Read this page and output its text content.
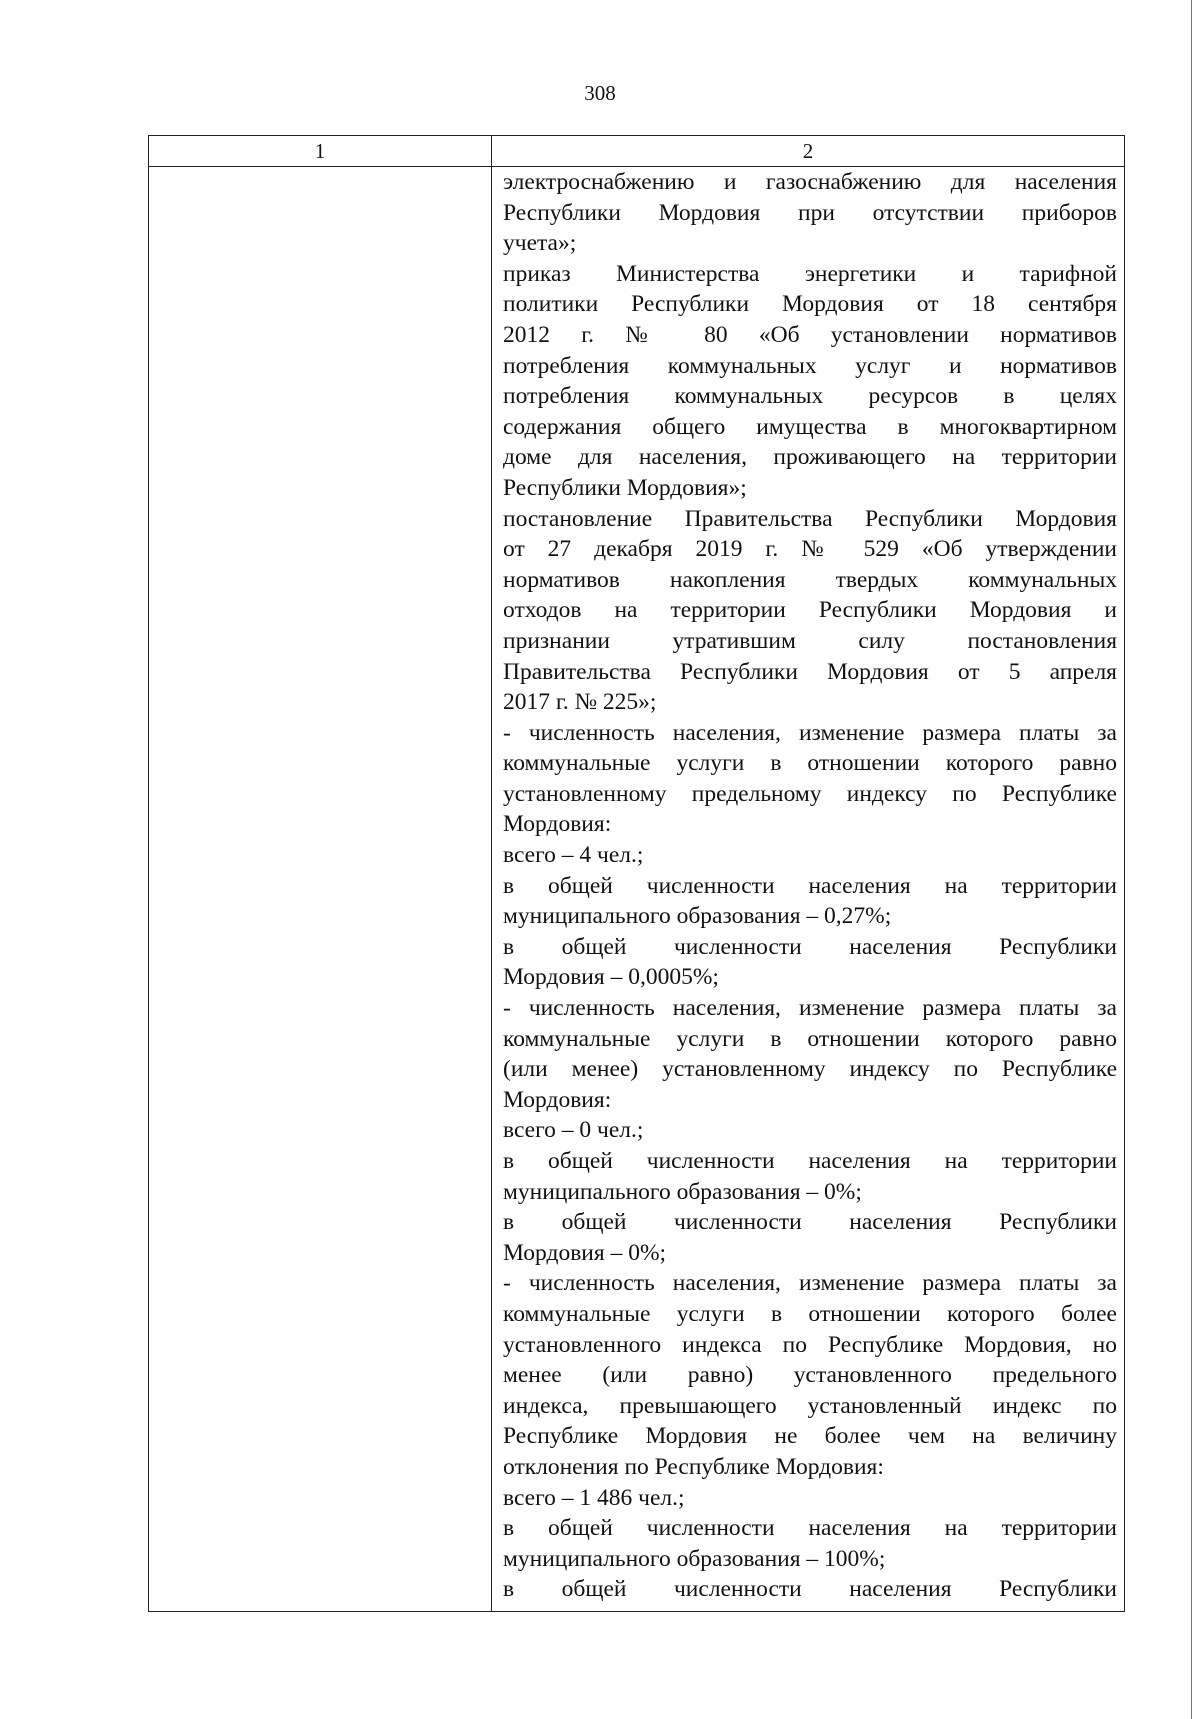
308
1	2
электроснабжению и газоснабжению для населения
Республики Мордовия при отсутствии приборов
учета»;
приказ Министерства энергетики и тарифной
политики Республики Мордовия от 18 сентября
2012 г. № 80 «Об установлении нормативов
потребления коммунальных услуг и нормативов
потребления коммунальных ресурсов в целях
содержания общего имущества в многоквартирном
доме для населения, проживающего на территории
Республики Мордовия»;
постановление Правительства Республики Мордовия
от 27 декабря 2019 г. № 529 «Об утверждении
нормативов накопления твердых коммунальных
отходов на территории Республики Мордовия и
признании утратившим силу постановления
Правительства Республики Мордовия от 5 апреля
2017 г. № 225»;
- численность населения, изменение размера платы за
коммунальные услуги в отношении которого равно
установленному предельному индексу по Республике
Мордовия:
всего – 4 чел.;
в общей численности населения на территории
муниципального образования – 0,27%;
в общей численности населения Республики
Мордовия – 0,0005%;
- численность населения, изменение размера платы за
коммунальные услуги в отношении которого равно
(или менее) установленному индексу по Республике
Мордовия:
всего – 0 чел.;
в общей численности населения на территории
муниципального образования – 0%;
в общей численности населения Республики
Мордовия – 0%;
- численность населения, изменение размера платы за
коммунальные услуги в отношении которого более
установленного индекса по Республике Мордовия, но
менее (или равно) установленного предельного
индекса, превышающего установленный индекс по
Республике Мордовия не более чем на величину
отклонения по Республике Мордовия:
всего – 1 486 чел.;
в общей численности населения на территории
муниципального образования – 100%;
в общей численности населения Республики
